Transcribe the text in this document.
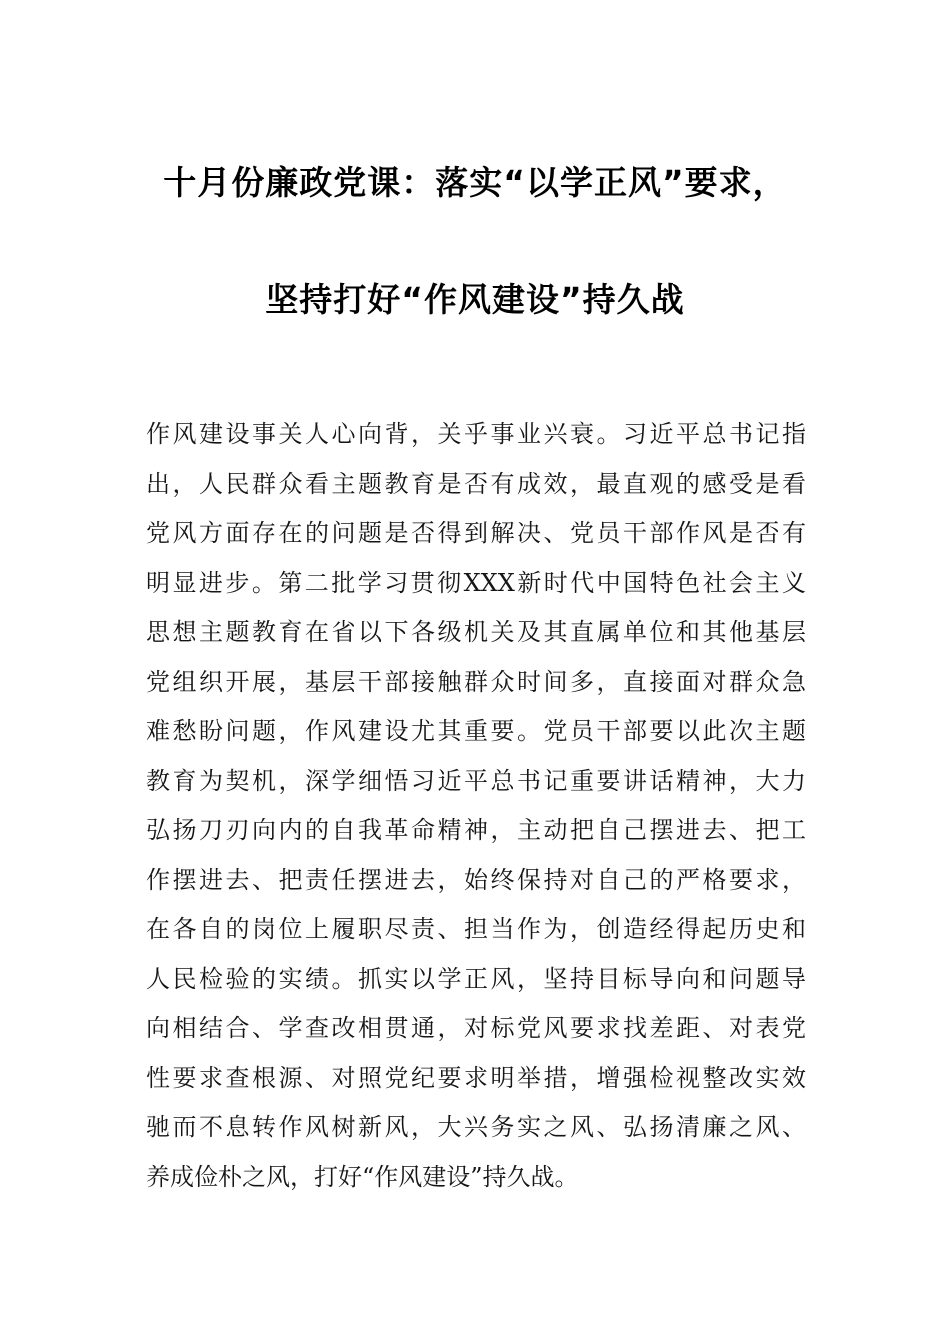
十月份廉政党课：落实“以学正风”要求，
坚持打好“作风建设”持久战
作风建设事关人心向背，关乎事业兴衰。习近平总书记指
出，人民群众看主题教育是否有成效，最直观的感受是看
党风方面存在的问题是否得到解决、党员干部作风是否有
明显进步。第二批学习贯彻XXX新时代中国特色社会主义
思想主题教育在省以下各级机关及其直属单位和其他基层
党组织开展，基层干部接触群众时间多，直接面对群众急
难愁盼问题，作风建设尤其重要。党员干部要以此次主题
教育为契机，深学细悟习近平总书记重要讲话精神，大力
弘扬刀刃向内的自我革命精神，主动把自己摆进去、把工
作摆进去、把责任摆进去，始终保持对自己的严格要求，
在各自的岗位上履职尽责、担当作为，创造经得起历史和
人民检验的实绩。抓实以学正风，坚持目标导向和问题导
向相结合、学查改相贯通，对标党风要求找差距、对表党
性要求查根源、对照党纪要求明举措，增强检视整改实效
驰而不息转作风树新风，大兴务实之风、弘扬清廉之风、
养成俭朴之风，打好“作风建设”持久战。
